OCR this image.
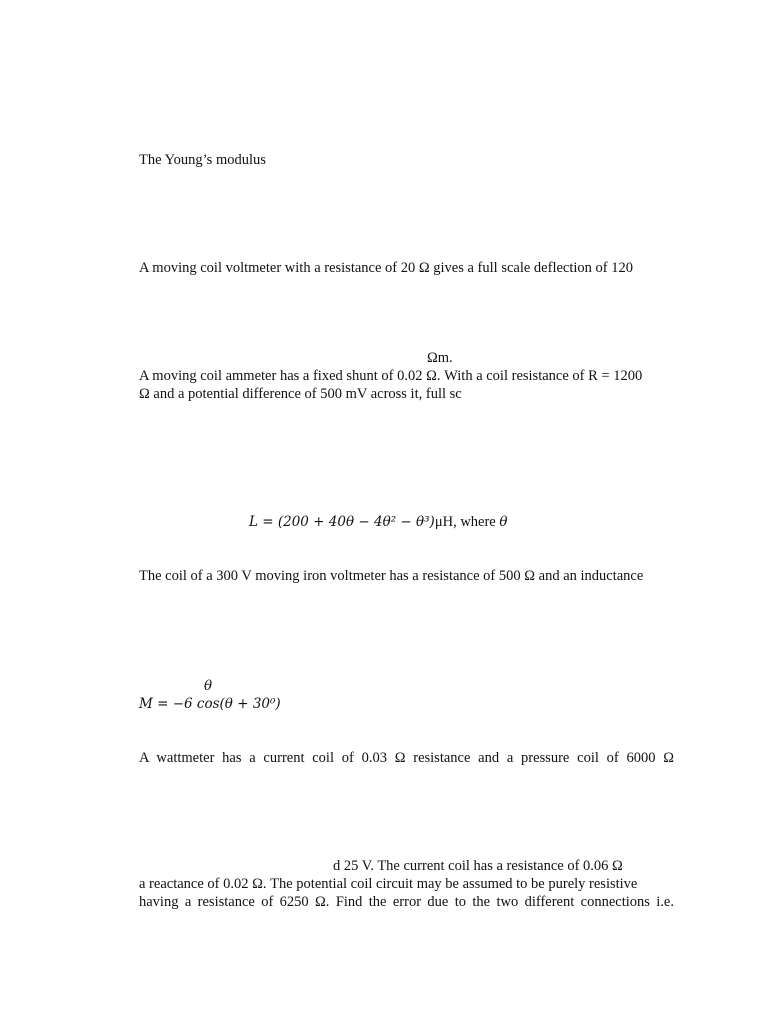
The Young’s modulus
A moving coil voltmeter with a resistance of 20 Ω gives a full scale deflection of 120
Ωm.
A moving coil ammeter has a fixed shunt of 0.02 Ω. With a coil resistance of R = 1200
Ω and a potential difference of 500 mV across it, full sc
L = (200 + 40θ − 4θ² − θ³)μH, where θ
The coil of a 300 V moving iron voltmeter has a resistance of 500 Ω and an inductance
θ
M = −6 cos(θ + 30⁰)
A wattmeter has a current coil of 0.03 Ω resistance and a pressure coil of 6000 Ω
d 25 V. The current coil has a resistance of 0.06 Ω
a reactance of 0.02 Ω. The potential coil circuit may be assumed to be purely resistive
having a resistance of 6250 Ω. Find the error due to the two different connections i.e.
